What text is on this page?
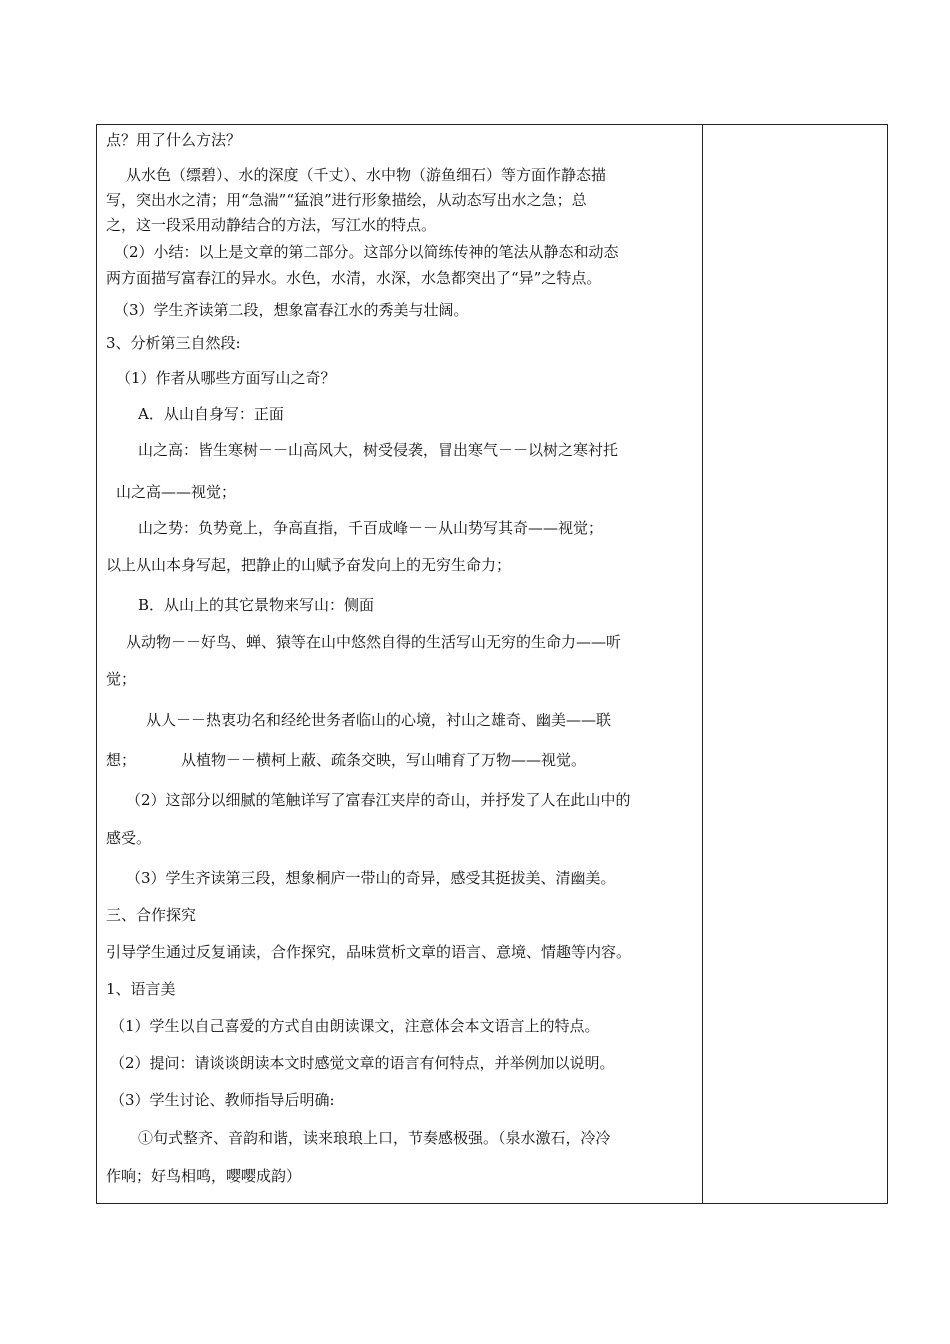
点？用了什么方法？
从水色（缥碧）、水的深度（千丈）、水中物（游鱼细石）等方面作静态描
写，突出水之清；用“急湍”“猛浪”进行形象描绘，从动态写出水之急；总
之，这一段采用动静结合的方法，写江水的特点。
（2）小结：以上是文章的第二部分。这部分以简练传神的笔法从静态和动态
两方面描写富春江的异水。水色，水清，水深，水急都突出了“异”之特点。
（3）学生齐读第二段，想象富春江水的秀美与壮阔。
3、分析第三自然段:
（1）作者从哪些方面写山之奇？
A．从山自身写：正面
山之高：皆生寒树－－山高风大，树受侵袭，冒出寒气－－以树之寒衬托
山之高——视觉；
山之势：负势竟上，争高直指，千百成峰－－从山势写其奇——视觉；
以上从山本身写起，把静止的山赋予奋发向上的无穷生命力；
B．从山上的其它景物来写山：侧面
从动物－－好鸟、蝉、猿等在山中悠然自得的生活写山无穷的生命力——听
觉；
从人－－热衷功名和经纶世务者临山的心境，衬山之雄奇、幽美——联
想；	从植物－－横柯上蔽、疏条交映，写山哺育了万物——视觉。
（2）这部分以细腻的笔触详写了富春江夹岸的奇山，并抒发了人在此山中的
感受。
（3）学生齐读第三段，想象桐庐一带山的奇异，感受其挺拔美、清幽美。
三、合作探究
引导学生通过反复诵读，合作探究，品味赏析文章的语言、意境、情趣等内容。
1、语言美
（1）学生以自己喜爱的方式自由朗读课文，注意体会本文语言上的特点。
（2）提问：请谈谈朗读本文时感觉文章的语言有何特点，并举例加以说明。
（3）学生讨论、教师指导后明确:
①句式整齐、音韵和谐，读来琅琅上口，节奏感极强。（泉水激石，冷冷
作响；好鸟相鸣，嘤嘤成韵）
